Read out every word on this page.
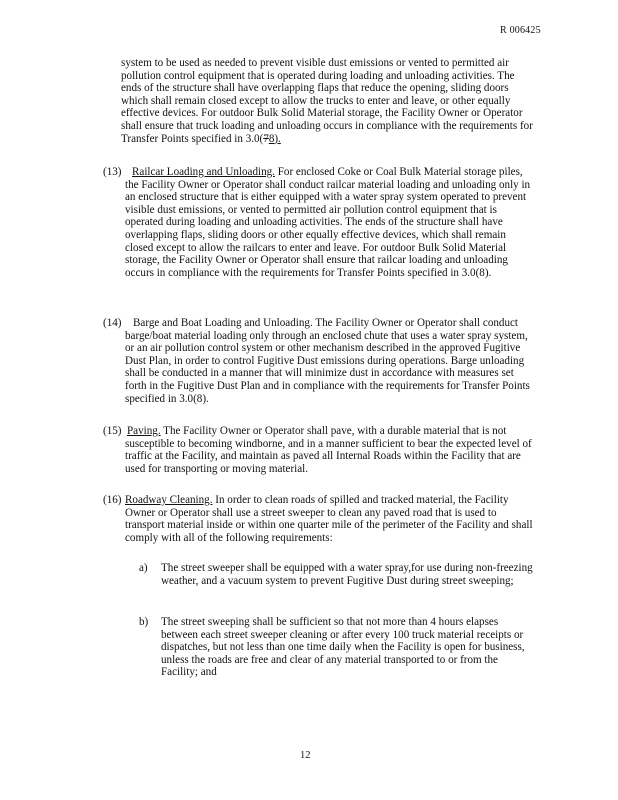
R 006425

system to be used as needed to prevent visible dust emissions or vented to permitted air pollution control equipment that is operated during loading and unloading activities. The ends of the structure shall have overlapping flaps that reduce the opening, sliding doors which shall remain closed except to allow the trucks to enter and leave, or other equally effective devices. For outdoor Bulk Solid Material storage, the Facility Owner or Operator shall ensure that truck loading and unloading occurs in compliance with the requirements for Transfer Points specified in 3.0(78).

(13) Railcar Loading and Unloading. For enclosed Coke or Coal Bulk Material storage piles, the Facility Owner or Operator shall conduct railcar material loading and unloading only in an enclosed structure that is either equipped with a water spray system operated to prevent visible dust emissions, or vented to permitted air pollution control equipment that is operated during loading and unloading activities. The ends of the structure shall have overlapping flaps, sliding doors or other equally effective devices, which shall remain closed except to allow the railcars to enter and leave. For outdoor Bulk Solid Material storage, the Facility Owner or Operator shall ensure that railcar loading and unloading occurs in compliance with the requirements for Transfer Points specified in 3.0(8).

(14)	Barge and Boat Loading and Unloading. The Facility Owner or Operator shall conduct barge/boat material loading only through an enclosed chute that uses a water spray system, or an air pollution control system or other mechanism described in the approved Fugitive Dust Plan, in order to control Fugitive Dust emissions during operations. Barge unloading shall be conducted in a manner that will minimize dust in accordance with measures set forth in the Fugitive Dust Plan and in compliance with the requirements for Transfer Points specified in 3.0(8).

(15) Paving. The Facility Owner or Operator shall pave, with a durable material that is not susceptible to becoming windborne, and in a manner sufficient to bear the expected level of traffic at the Facility, and maintain as paved all Internal Roads within the Facility that are used for transporting or moving material.

(16) Roadway Cleaning. In order to clean roads of spilled and tracked material, the Facility Owner or Operator shall use a street sweeper to clean any paved road that is used to transport material inside or within one quarter mile of the perimeter of the Facility and shall comply with all of the following requirements:

a) The street sweeper shall be equipped with a water spray,for use during non-freezing weather, and a vacuum system to prevent Fugitive Dust during street sweeping;

b) The street sweeping shall be sufficient so that not more than 4 hours elapses between each street sweeper cleaning or after every 100 truck material receipts or dispatches, but not less than one time daily when the Facility is open for business, unless the roads are free and clear of any material transported to or from the Facility; and

12
